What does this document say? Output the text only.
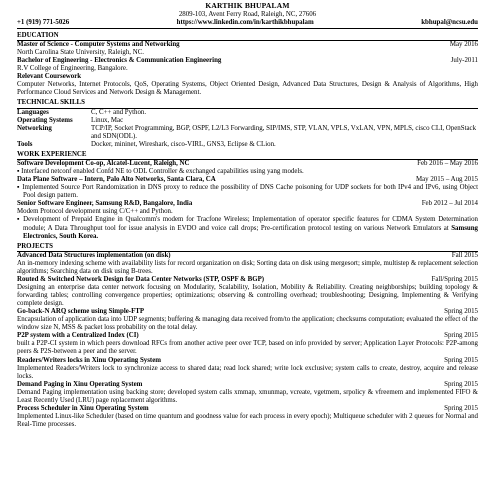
KARTHIK BHUPALAM
2809-103, Avent Ferry Road, Raleigh, NC, 27606
+1 (919) 771-5026	https://www.linkedin.com/in/karthikbhupalam	kbhupal@ncsu.edu
EDUCATION
Master of Science - Computer Systems and Networking	May 2016
North Carolina State University, Raleigh, NC.
Bachelor of Engineering - Electronics & Communication Engineering	July-2011
R.V College of Engineering, Bangalore.
Relevant Coursework
Computer Networks, Internet Protocols, QoS, Operating Systems, Object Oriented Design, Advanced Data Structures, Design & Analysis of Algorithms, High Performance Cloud Services and Network Design & Management.
TECHNICAL SKILLS
Languages	C, C++ and Python.
Operating Systems	Linux, Mac
Networking	TCP/IP, Socket Programming, BGP, OSPF, L2/L3 Forwarding, SIP/IMS, STP, VLAN, VPLS, VxLAN, VPN, MPLS, cisco CLI, OpenStack and SDN(ODL).
Tools	Docker, mininet, Wireshark, cisco-VIRL, GNS3, Eclipse & CLion.
WORK EXPERIENCE
Software Development Co-op, Alcatel-Lucent, Raleigh, NC	Feb 2016 – May 2016
▪ Interfaced netconf enabled Confd NE to ODL Controller & exchanged capabilities using yang models.
Data Plane Software – Intern, Palo Alto Networks, Santa Clara, CA	May 2015 – Aug 2015
▪ Implemented Source Port Randomization in DNS proxy to reduce the possibility of DNS Cache poisoning for UDP sockets for both IPv4 and IPv6, using Object Pool design pattern.
Senior Software Engineer, Samsung R&D, Bangalore, India	Feb 2012 – Jul 2014
Modem Protocol development using C/C++ and Python.
▪ Development of Prepaid Engine in Qualcomm's modem for Tracfone Wireless; Implementation of operator specific features for CDMA System Determination module; A Data Throughput tool for issue analysis in EVDO and voice call drops; Pre-certification protocol testing on various Network Emulators at Samsung Electronics, South Korea.
PROJECTS
Advanced Data Structures implementation (on disk)	Fall 2015
An in-memory indexing scheme with availability lists for record organization on disk; Sorting data on disk using mergesort; simple, multistep & replacement selection algorithms; Searching data on disk using B-trees.
Routed & Switched Network Design for Data Center Networks (STP, OSPF & BGP)	Fall/Spring 2015
Designing an enterprise data center network focusing on Modularity, Scalability, Isolation, Mobility & Reliability. Creating neighborships; building topology & forwarding tables; controlling convergence properties; optimizations; observing & controlling overhead; troubleshooting; Designing, Implementing & Verifying complete design.
Go-back-N ARQ scheme using Simple-FTP	Spring 2015
Encapsulation of application data into UDP segments; buffering & managing data received from/to the application; checksums computation; evaluated the effect of the window size N, MSS & packet loss probability on the total delay.
P2P system with a Centralized Index (CI)	Spring 2015
built a P2P-CI system in which peers download RFCs from another active peer over TCP, based on info provided by server; Application Layer Protocols: P2P-among peers & P2S-between a peer and the server.
Readers/Writers locks in Xinu Operating System	Spring 2015
Implemented Readers/Writers lock to synchronize access to shared data; read lock shared; write lock exclusive; system calls to create, destroy, acquire and release locks.
Demand Paging in Xinu Operating System	Spring 2015
Demand Paging implementation using backing store; developed system calls xmmap, xmunmap, vcreate, vgetmem, srpolicy & vfreemem and implemented FIFO & Least Recently Used (LRU) page replacement algorithms.
Process Scheduler in Xinu Operating System	Spring 2015
Implemented Linux-like Scheduler (based on time quantum and goodness value for each process in every epoch); Multiqueue scheduler with 2 queues for Normal and Real-Time processes.
